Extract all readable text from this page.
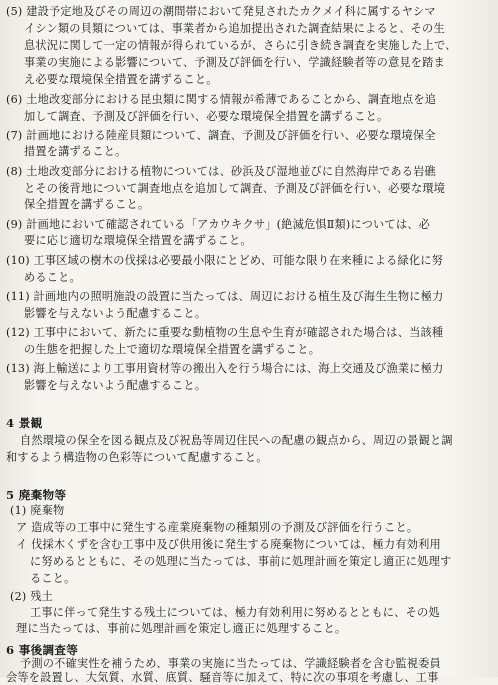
(5) 建設予定地及びその周辺の潮間帯において発見されたカクメイ科に属するヤシマ
イシン類の貝類については、事業者から追加提出された調査結果によると、その生
息状況に関して一定の情報が得られているが、さらに引き続き調査を実施した上で、
事業の実施による影響について、予測及び評価を行い、学識経験者等の意見を踏ま
え必要な環境保全措置を講ずること。
(6) 土地改変部分における昆虫類に関する情報が希薄であることから、調査地点を追
加して調査、予測及び評価を行い、必要な環境保全措置を講ずること。
(7) 計画地における陸産貝類について、調査、予測及び評価を行い、必要な環境保全
措置を講ずること。
(8) 土地改変部分における植物については、砂浜及び湿地並びに自然海岸である岩礁
とその後背地について調査地点を追加して調査、予測及び評価を行い、必要な環境
保全措置を講ずること。
(9) 計画地において確認されている「アカウキクサ」(絶滅危惧Ⅱ類)については、必
要に応じ適切な環境保全措置を講ずること。
(10) 工事区域の樹木の伐採は必要最小限にとどめ、可能な限り在来種による緑化に努
めること。
(11) 計画地内の照明施設の設置に当たっては、周辺における植生及び海生生物に極力
影響を与えないよう配慮すること。
(12) 工事中において、新たに重要な動植物の生息や生育が確認された場合は、当該種
の生態を把握した上で適切な環境保全措置を講ずること。
(13) 海上輸送により工事用資材等の搬出入を行う場合には、海上交通及び漁業に極力
影響を与えないよう配慮すること。
4 景観
自然環境の保全を図る観点及び祝島等周辺住民への配慮の観点から、周辺の景観と調
和するよう構造物の色彩等について配慮すること。
5 廃棄物等
(1) 廃棄物
ア 造成等の工事中に発生する産業廃棄物の種類別の予測及び評価を行うこと。
イ 伐採木くずを含む工事中及び供用後に発生する廃棄物については、極力有効利用
に努めるとともに、その処理に当たっては、事前に処理計画を策定し適正に処理す
ること。
(2) 残土
工事に伴って発生する残土については、極力有効利用に努めるとともに、その処
理に当たっては、事前に処理計画を策定し適正に処理すること。
6 事後調査等
予測の不確実性を補うため、事業の実施に当たっては、学識経験者を含む監視委員
会等を設置し、大気質、水質、底質、騒音等に加えて、特に次の事項を考慮し、工事
